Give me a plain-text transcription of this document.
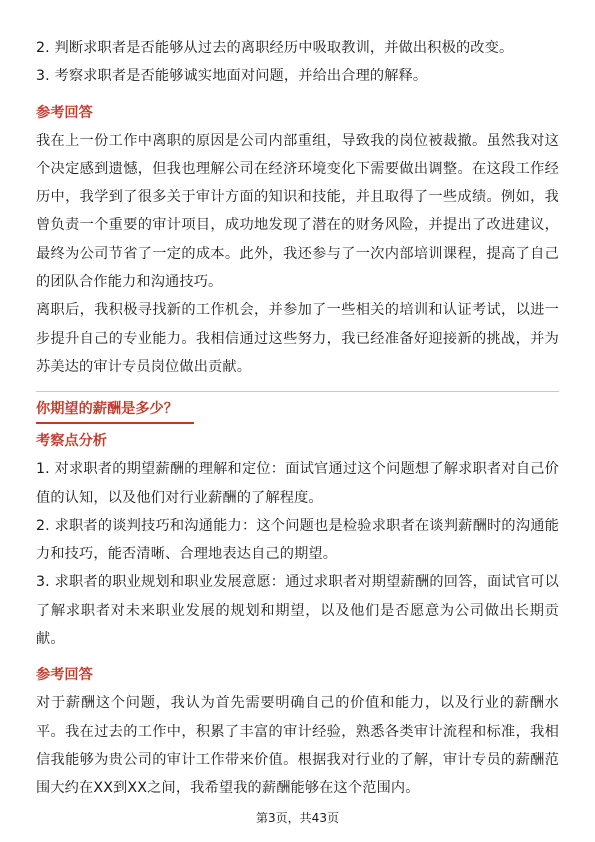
2. 判断求职者是否能够从过去的离职经历中吸取教训，并做出积极的改变。

3. 考察求职者是否能够诚实地面对问题，并给出合理的解释。

参考回答

我在上一份工作中离职的原因是公司内部重组，导致我的岗位被裁撤。虽然我对这个决定感到遗憾，但我也理解公司在经济环境变化下需要做出调整。在这段工作经历中，我学到了很多关于审计方面的知识和技能，并且取得了一些成绩。例如，我曾负责一个重要的审计项目，成功地发现了潜在的财务风险，并提出了改进建议，最终为公司节省了一定的成本。此外，我还参与了一次内部培训课程，提高了自己的团队合作能力和沟通技巧。

离职后，我积极寻找新的工作机会，并参加了一些相关的培训和认证考试，以进一步提升自己的专业能力。我相信通过这些努力，我已经准备好迎接新的挑战，并为苏美达的审计专员岗位做出贡献。

你期望的薪酬是多少？
考察点分析

1. 对求职者的期望薪酬的理解和定位：面试官通过这个问题想了解求职者对自己价值的认知，以及他们对行业薪酬的了解程度。

2. 求职者的谈判技巧和沟通能力：这个问题也是检验求职者在谈判薪酬时的沟通能力和技巧，能否清晰、合理地表达自己的期望。

3. 求职者的职业规划和职业发展意愿：通过求职者对期望薪酬的回答，面试官可以了解求职者对未来职业发展的规划和期望，以及他们是否愿意为公司做出长期贡献。

参考回答

对于薪酬这个问题，我认为首先需要明确自己的价值和能力，以及行业的薪酬水平。我在过去的工作中，积累了丰富的审计经验，熟悉各类审计流程和标准，我相信我能够为贵公司的审计工作带来价值。根据我对行业的了解，审计专员的薪酬范围大约在XX到XX之间，我希望我的薪酬能够在这个范围内。

第3页，共43页
